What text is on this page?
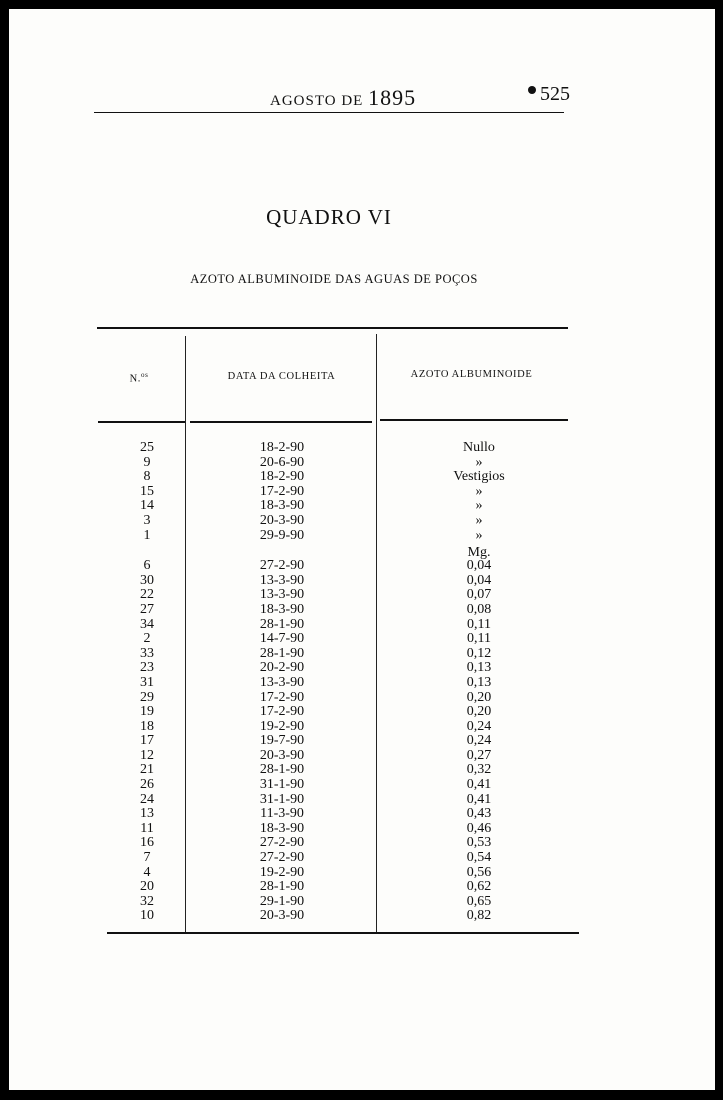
AGOSTO DE 1895	525
QUADRO VI
AZOTO ALBUMINOIDE DAS AGUAS DE POÇOS
N.$^{os}$	DATA DA COLHEITA	AZOTO ALBUMINOIDE
25	18-2-90	Nullo
9	20-6-90	»
8	18-2-90	Vestigios
15	17-2-90	»
14	18-3-90	»
3	20-3-90	»
1	29-9-90	»
Mg.
6	27-2-90	0,04
30	13-3-90	0,04
22	13-3-90	0,07
27	18-3-90	0,08
34	28-1-90	0,11
2	14-7-90	0,11
33	28-1-90	0,12
23	20-2-90	0,13
31	13-3-90	0,13
29	17-2-90	0,20
19	17-2-90	0,20
18	19-2-90	0,24
17	19-7-90	0,24
12	20-3-90	0,27
21	28-1-90	0,32
26	31-1-90	0,41
24	31-1-90	0,41
13	11-3-90	0,43
11	18-3-90	0,46
16	27-2-90	0,53
7	27-2-90	0,54
4	19-2-90	0,56
20	28-1-90	0,62
32	29-1-90	0,65
10	20-3-90	0,82
